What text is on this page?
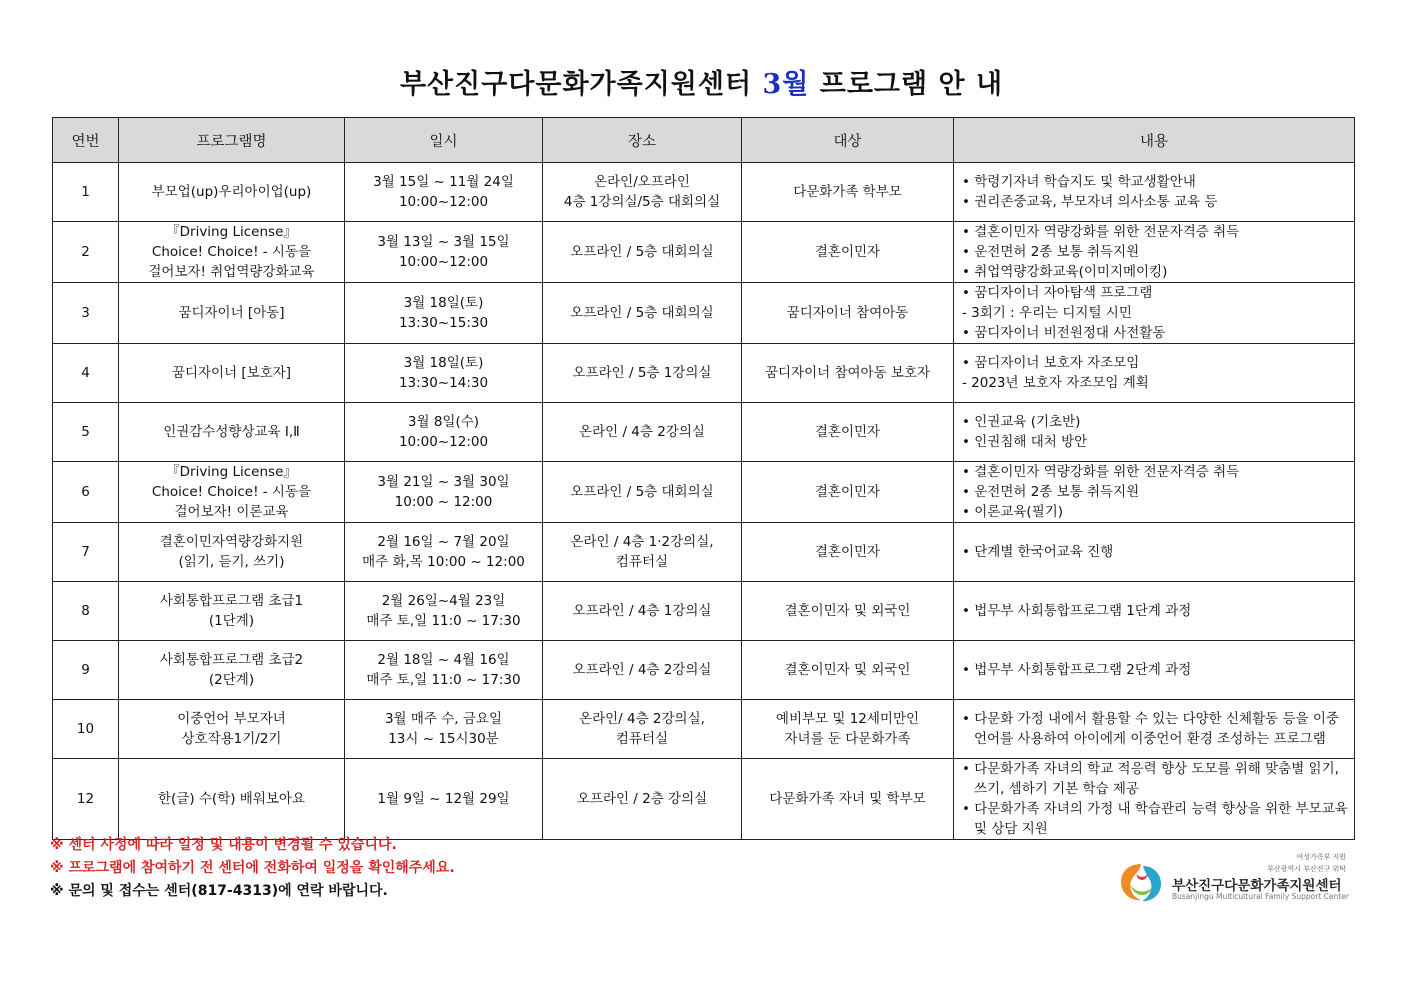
부산진구다문화가족지원센터 3월 프로그램 안 내
연번	프로그램명	일시	장소	대상	내용

1	부모업(up)우리아이업(up)	3월 15일 ~ 11월 24일
10:00~12:00	온라인/오프라인
4층 1강의실/5층 대회의실	다문화가족 학부모	• 학령기자녀 학습지도 및 학교생활안내
• 권리존중교육, 부모자녀 의사소통 교육 등

2	『Driving License』
Choice! Choice! - 시동을
걸어보자! 취업역량강화교육	3월 13일 ~ 3월 15일
10:00~12:00	오프라인 / 5층 대회의실	결혼이민자	• 결혼이민자 역량강화를 위한 전문자격증 취득
• 운전면허 2종 보통 취득지원
• 취업역량강화교육(이미지메이킹)

3	꿈디자이너 [아동]	3월 18일(토)
13:30~15:30	오프라인 / 5층 대회의실	꿈디자이너 참여아동	• 꿈디자이너 자아탐색 프로그램
- 3회기 : 우리는 디지털 시민
• 꿈디자이너 비전원정대 사전활동

4	꿈디자이너 [보호자]	3월 18일(토)
13:30~14:30	오프라인 / 5층 1강의실	꿈디자이너 참여아동 보호자	• 꿈디자이너 보호자 자조모임
- 2023년 보호자 자조모임 계획

5	인권감수성향상교육 Ⅰ,Ⅱ	3월 8일(수)
10:00~12:00	온라인 / 4층 2강의실	결혼이민자	• 인권교육 (기초반)
• 인권침해 대처 방안

6	『Driving License』
Choice! Choice! - 시동을
걸어보자! 이론교육	3월 21일 ~ 3월 30일
10:00 ~ 12:00	오프라인 / 5층 대회의실	결혼이민자	• 결혼이민자 역량강화를 위한 전문자격증 취득
• 운전면허 2종 보통 취득지원
• 이론교육(필기)

7	결혼이민자역량강화지원
(읽기, 듣기, 쓰기)	2월 16일 ~ 7월 20일
매주 화,목 10:00 ~ 12:00	온라인 / 4층 1·2강의실,
컴퓨터실	결혼이민자	• 단계별 한국어교육 진행

8	사회통합프로그램 초급1
(1단계)	2월 26일~4월 23일
매주 토,일 11:0 ~ 17:30	오프라인 / 4층 1강의실	결혼이민자 및 외국인	• 법무부 사회통합프로그램 1단계 과정

9	사회통합프로그램 초급2
(2단계)	2월 18일 ~ 4월 16일
매주 토,일 11:0 ~ 17:30	오프라인 / 4층 2강의실	결혼이민자 및 외국인	• 법무부 사회통합프로그램 2단계 과정

10	이중언어 부모자녀
상호작용1기/2기	3월 매주 수, 금요일
13시 ~ 15시30분	온라인/ 4층 2강의실,
컴퓨터실	예비부모 및 12세미만인
자녀를 둔 다문화가족	• 다문화 가정 내에서 활용할 수 있는 다양한 신체활동 등을 이중언어를 사용하여 아이에게 이중언어 환경 조성하는 프로그램

12	한(글) 수(학) 배워보아요	1월 9일 ~ 12월 29일	오프라인 / 2층 강의실	다문화가족 자녀 및 학부모	• 다문화가족 자녀의 학교 적응력 향상 도모를 위해 맞춤별 읽기, 쓰기, 셈하기 기본 학습 제공
• 다문화가족 자녀의 가정 내 학습관리 능력 향상을 위한 부모교육 및 상담 지원
※ 센터 사정에 따라 일정 및 내용이 변경될 수 있습니다.
※ 프로그램에 참여하기 전 센터에 전화하여 일정을 확인해주세요.
※ 문의 및 접수는 센터(817-4313)에 연락 바랍니다.
여성가족부 지원
부산광역시 부산진구 위탁
부산진구다문화가족지원센터
Busanjingu Multicultural Family Support Center
